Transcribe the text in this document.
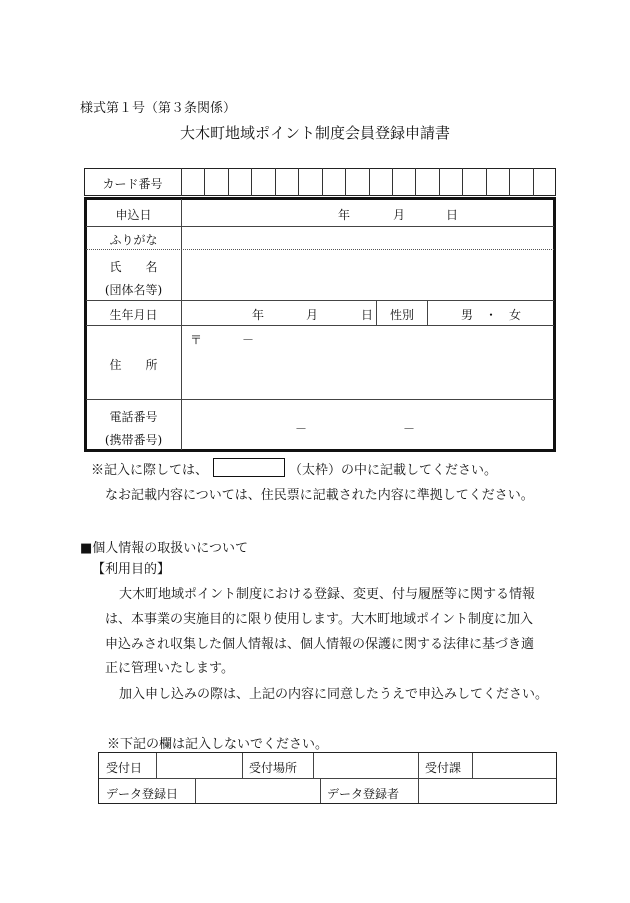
様式第１号（第３条関係）
大木町地域ポイント制度会員登録申請書
カード番号
申込日	年	月	日
ふりがな
氏　　名
(団体名等)
生年月日	年	月	日	性別	男　・　女
住　　所
〒	－
電話番号
(携帯番号)
－	－
※記入に際しては、	（太枠）の中に記載してください。
なお記載内容については、住民票に記載された内容に準拠してください。
■個人情報の取扱いについて
【利用目的】
大木町地域ポイント制度における登録、変更、付与履歴等に関する情報
は、本事業の実施目的に限り使用します。大木町地域ポイント制度に加入
申込みされ収集した個人情報は、個人情報の保護に関する法律に基づき適
正に管理いたします。
加入申し込みの際は、上記の内容に同意したうえで申込みしてください。
※下記の欄は記入しないでください。
受付日	受付場所	受付課
データ登録日	データ登録者
